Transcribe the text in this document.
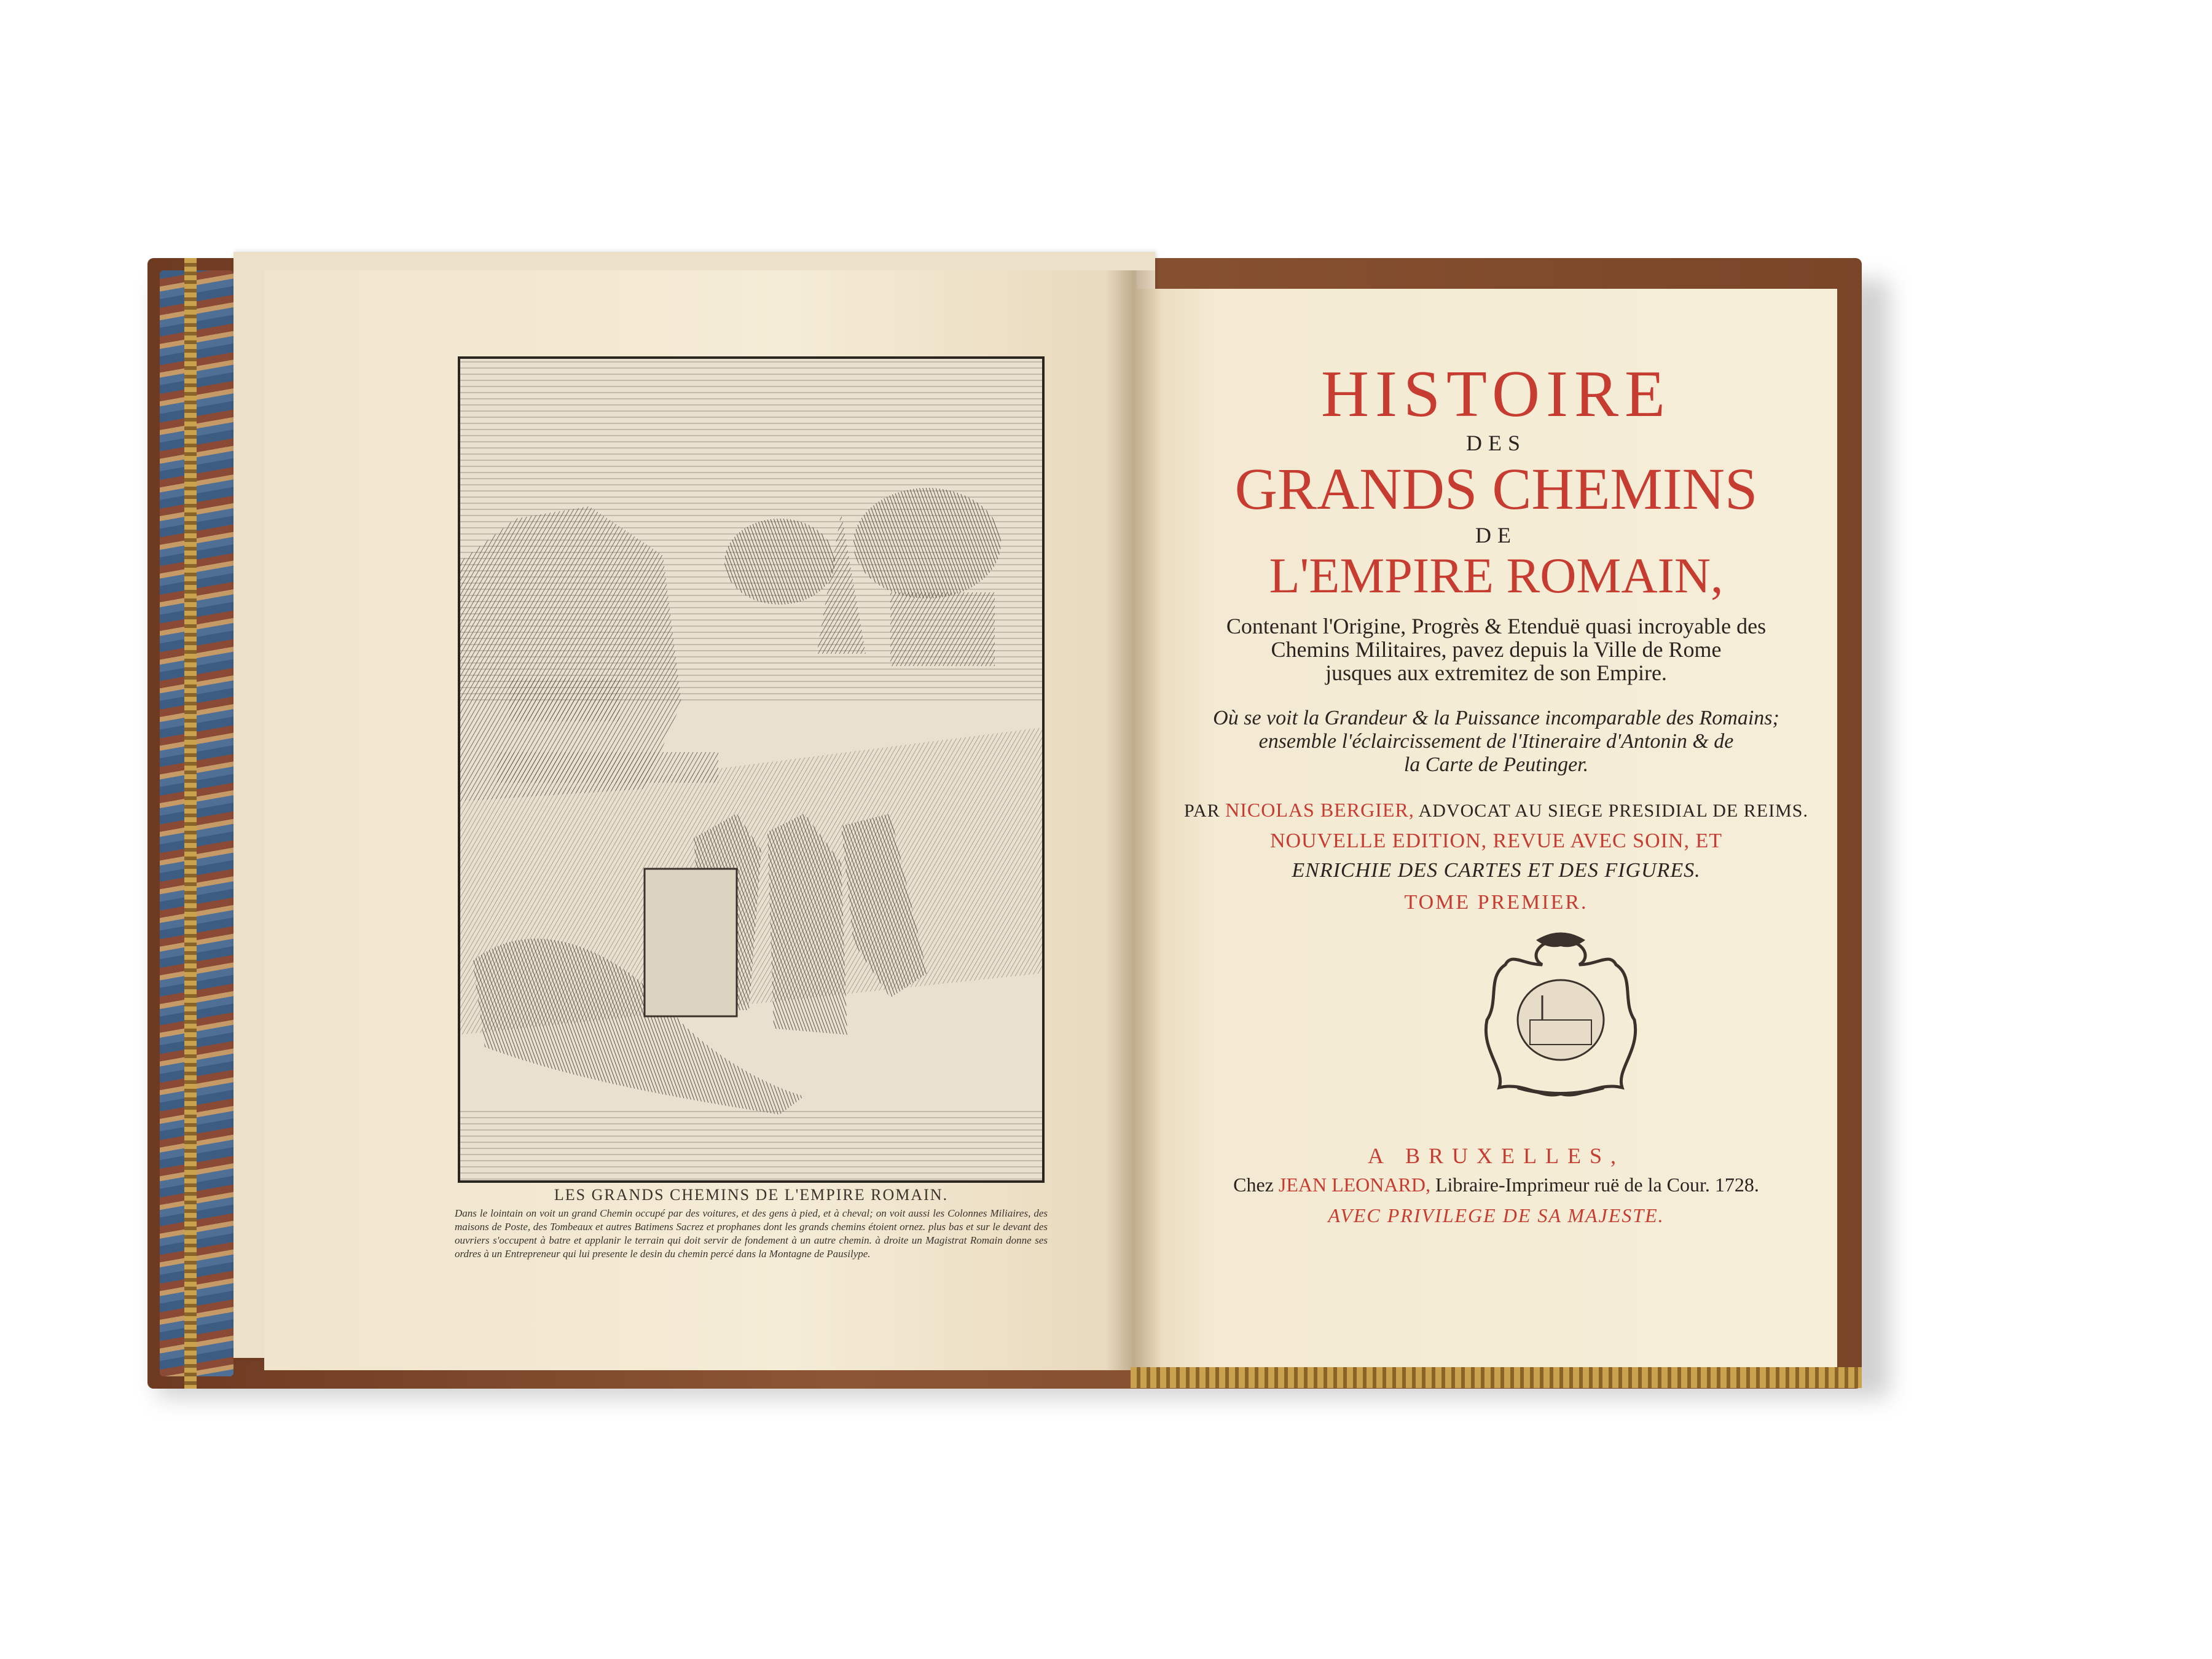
LES GRANDS CHEMINS DE L'EMPIRE ROMAIN.
Dans le lointain on voit un grand Chemin occupé par des voitures, et des gens à pied, et à cheval; on voit aussi les Colonnes Miliaires, des maisons de Poste, des Tombeaux et autres Batimens Sacrez et prophanes dont les grands chemins étoient ornez. plus bas et sur le devant des ouvriers s'occupent à batre et applanir le terrain qui doit servir de fondement à un autre chemin. à droite un Magistrat Romain donne ses ordres à un Entrepreneur qui lui presente le desin du chemin percé dans la Montagne de Pausilype.
HISTOIRE
DES
GRANDS CHEMINS
DE
L'EMPIRE ROMAIN,
Contenant l'Origine, Progrès & Etenduë quasi incroyable des
Chemins Militaires, pavez depuis la Ville de Rome
jusques aux extremitez de son Empire.
Où se voit la Grandeur & la Puissance incomparable des Romains;
ensemble l'éclaircissement de l'Itineraire d'Antonin & de
la Carte de Peutinger.
PAR NICOLAS BERGIER, ADVOCAT AU SIEGE PRESIDIAL DE REIMS.
NOUVELLE EDITION, REVUE AVEC SOIN, ET
ENRICHIE DES CARTES ET DES FIGURES.
TOME PREMIER.
A BRUXELLES,
Chez JEAN LEONARD, Libraire-Imprimeur ruë de la Cour. 1728.
AVEC PRIVILEGE DE SA MAJESTE.
